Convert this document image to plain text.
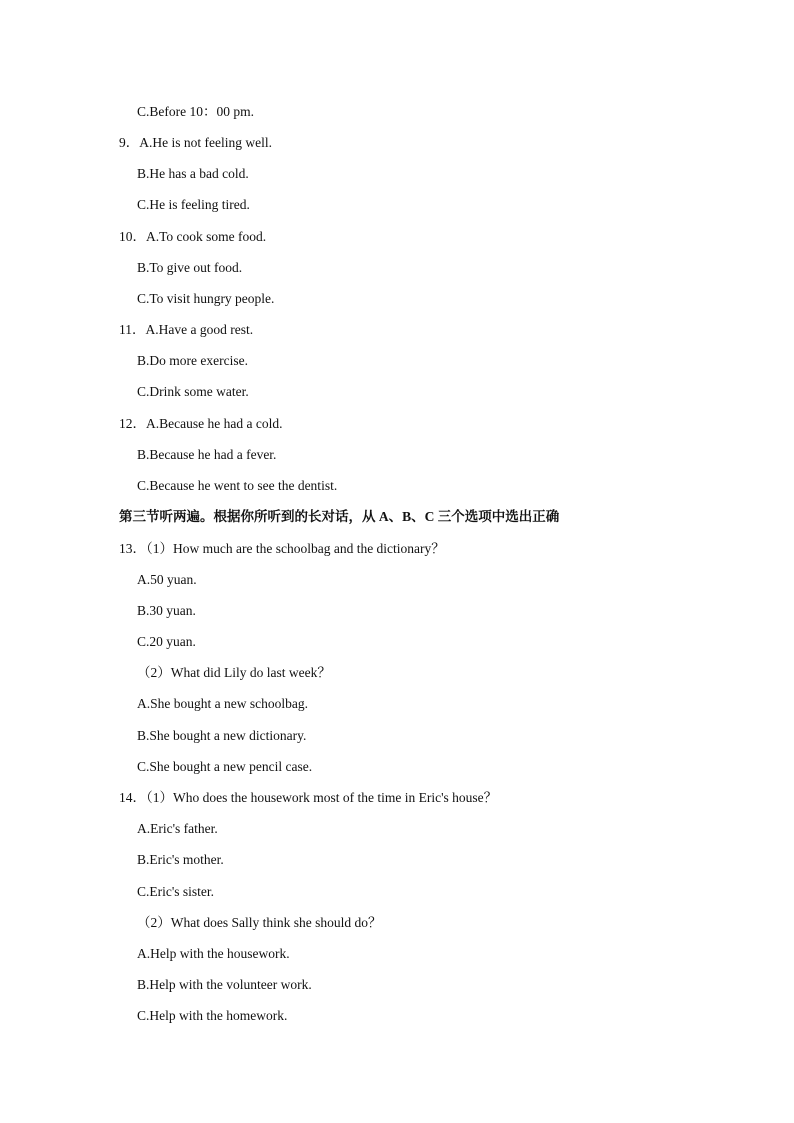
C.Before 10：00 pm.
9．A.He is not feeling well.
B.He has a bad cold.
C.He is feeling tired.
10．A.To cook some food.
B.To give out food.
C.To visit hungry people.
11．A.Have a good rest.
B.Do more exercise.
C.Drink some water.
12．A.Because he had a cold.
B.Because he had a fever.
C.Because he went to see the dentist.
第三节听两遍。根据你所听到的长对话，从 A、B、C 三个选项中选出正确
13．（1）How much are the schoolbag and the dictionary？
A.50 yuan.
B.30 yuan.
C.20 yuan.
（2）What did Lily do last week？
A.She bought a new schoolbag.
B.She bought a new dictionary.
C.She bought a new pencil case.
14．（1）Who does the housework most of the time in Eric's house？
A.Eric's father.
B.Eric's mother.
C.Eric's sister.
（2）What does Sally think she should do？
A.Help with the housework.
B.Help with the volunteer work.
C.Help with the homework.
